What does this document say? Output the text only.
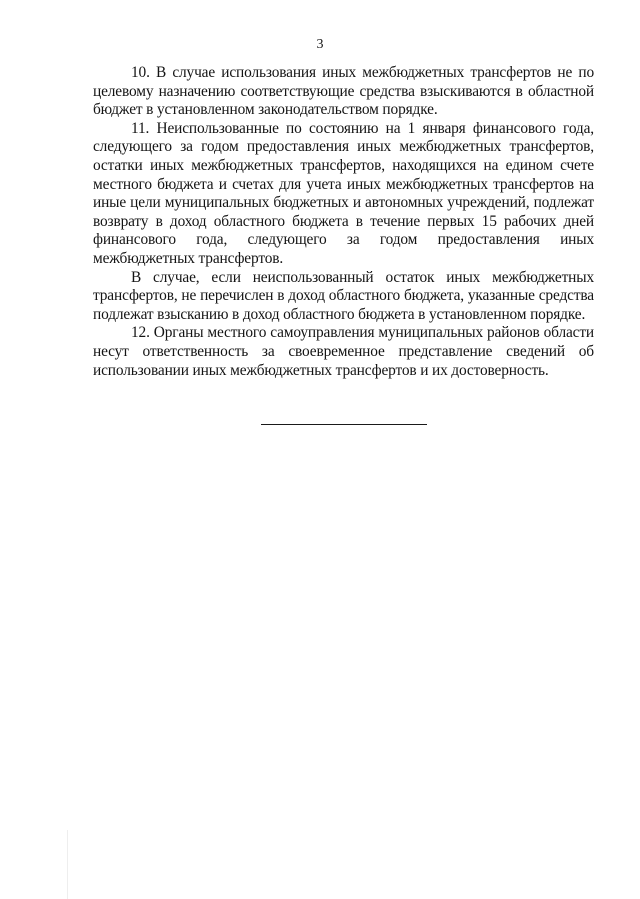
3

10. В случае использования иных межбюджетных трансфертов не по целевому назначению соответствующие средства взыскиваются в областной бюджет в установленном законодательством порядке.

11. Неиспользованные по состоянию на 1 января финансового года, следующего за годом предоставления иных межбюджетных трансфертов, остатки иных межбюджетных трансфертов, находящихся на едином счете местного бюджета и счетах для учета иных межбюджетных трансфертов на иные цели муниципальных бюджетных и автономных учреждений, подлежат возврату в доход областного бюджета в течение первых 15 рабочих дней финансового года, следующего за годом предоставления иных межбюджетных трансфертов.

В случае, если неиспользованный остаток иных межбюджетных трансфертов, не перечислен в доход областного бюджета, указанные средства подлежат взысканию в доход областного бюджета в установленном порядке.

12. Органы местного самоуправления муниципальных районов области несут ответственность за своевременное представление сведений об использовании иных межбюджетных трансфертов и их достоверность.
